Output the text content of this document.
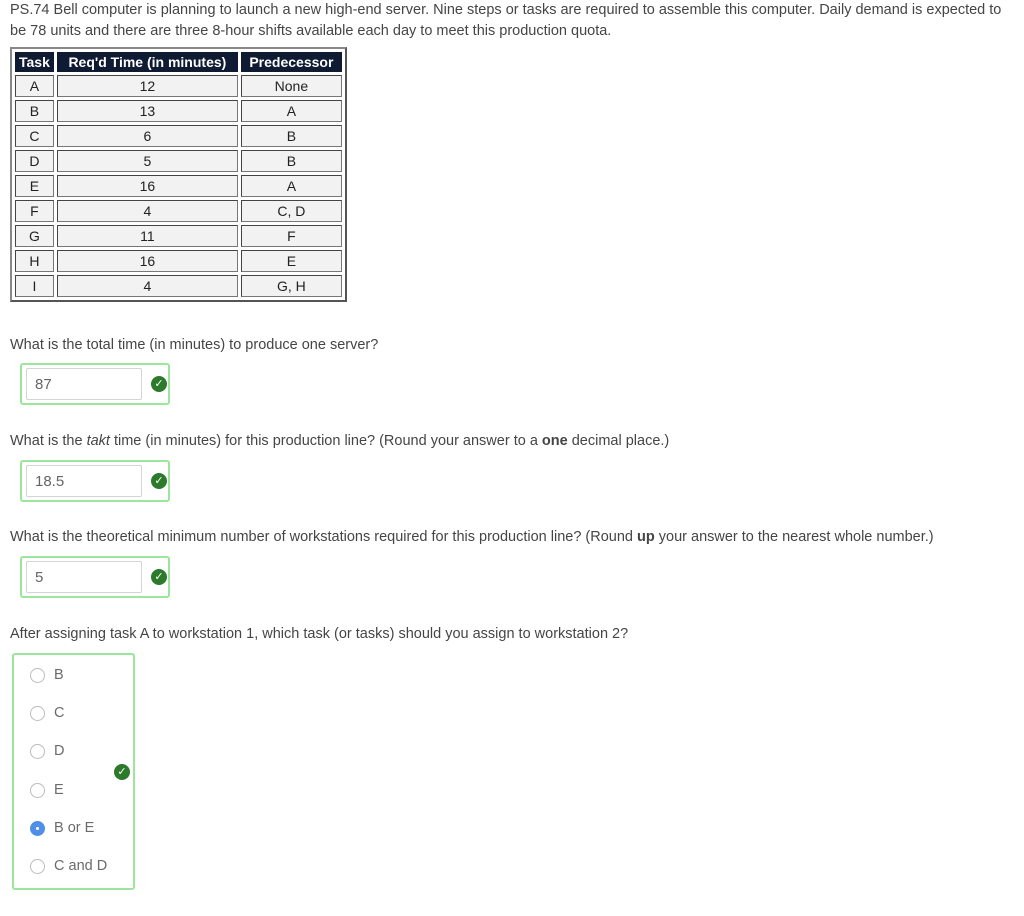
PS.74 Bell computer is planning to launch a new high-end server. Nine steps or tasks are required to assemble this computer. Daily demand is expected to be 78 units and there are three 8-hour shifts available each day to meet this production quota.
Task	Req'd Time (in minutes)	Predecessor
A	12	None
B	13	A
C	6	B
D	5	B
E	16	A
F	4	C, D
G	11	F
H	16	E
I	4	G, H
What is the total time (in minutes) to produce one server?
87
✓
What is the takt time (in minutes) for this production line? (Round your answer to a one decimal place.)
18.5
✓
What is the theoretical minimum number of workstations required for this production line? (Round up your answer to the nearest whole number.)
5
✓
After assigning task A to workstation 1, which task (or tasks) should you assign to workstation 2?
B
C
D
E
B or E
C and D
✓
